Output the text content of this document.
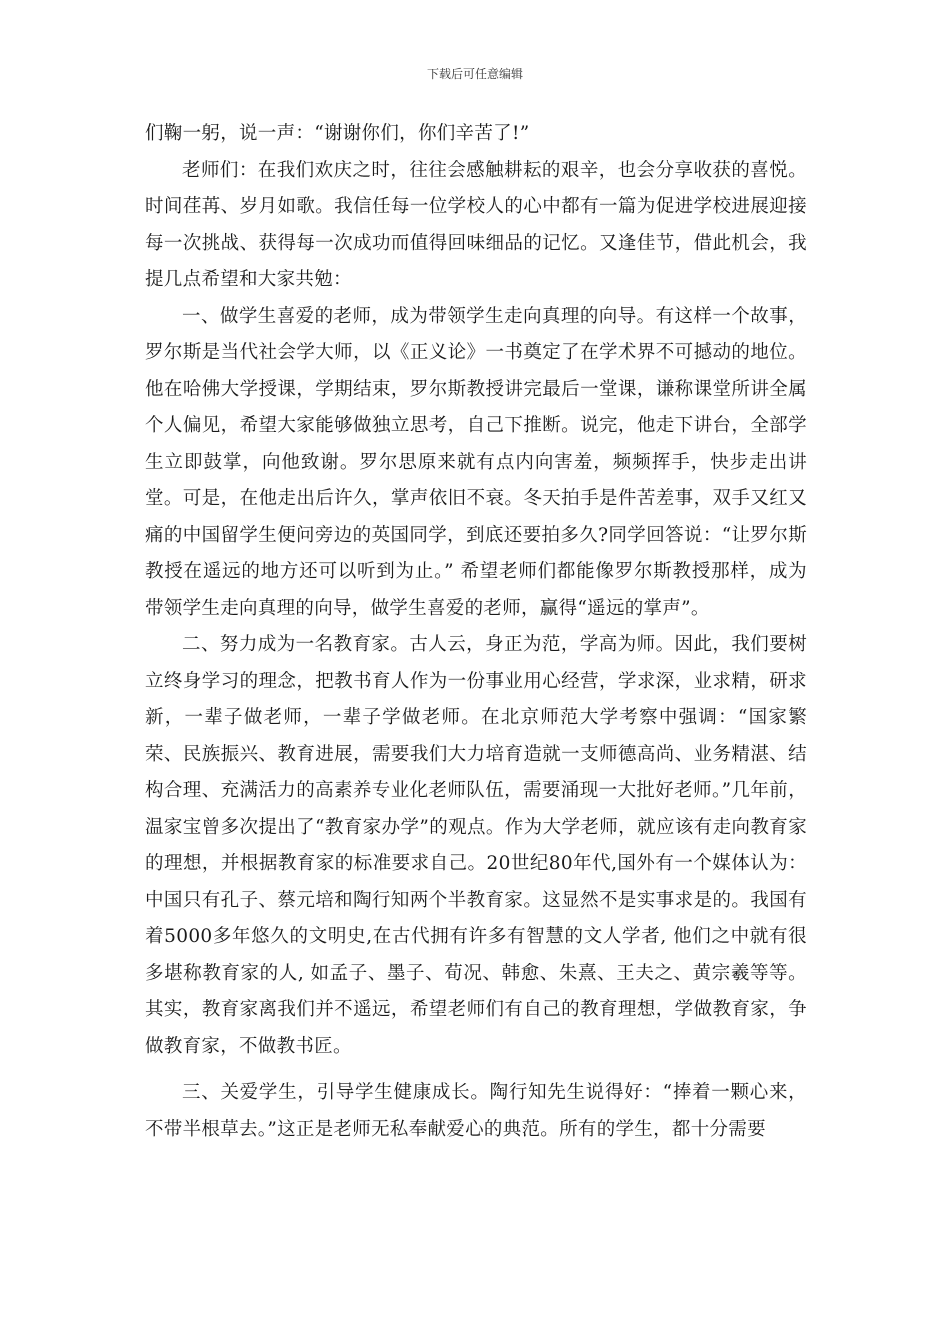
下载后可任意编辑

们鞠一躬，说一声：“谢谢你们，你们辛苦了!”

老师们：在我们欢庆之时，往往会感触耕耘的艰辛，也会分享收获的喜悦。时间荏苒、岁月如歌。我信任每一位学校人的心中都有一篇为促进学校进展迎接每一次挑战、获得每一次成功而值得回味细品的记忆。又逢佳节，借此机会，我提几点希望和大家共勉：

一、做学生喜爱的老师，成为带领学生走向真理的向导。有这样一个故事，罗尔斯是当代社会学大师，以《正义论》一书奠定了在学术界不可撼动的地位。他在哈佛大学授课，学期结束，罗尔斯教授讲完最后一堂课，谦称课堂所讲全属个人偏见，希望大家能够做独立思考，自己下推断。说完，他走下讲台，全部学生立即鼓掌，向他致谢。罗尔思原来就有点内向害羞，频频挥手，快步走出讲堂。可是，在他走出后许久，掌声依旧不衰。冬天拍手是件苦差事，双手又红又痛的中国留学生便问旁边的英国同学，到底还要拍多久?同学回答说：“让罗尔斯教授在遥远的地方还可以听到为止。” 希望老师们都能像罗尔斯教授那样，成为带领学生走向真理的向导，做学生喜爱的老师，赢得“遥远的掌声”。

二、努力成为一名教育家。古人云，身正为范，学高为师。因此，我们要树立终身学习的理念，把教书育人作为一份事业用心经营，学求深，业求精，研求新，一辈子做老师，一辈子学做老师。在北京师范大学考察中强调：“国家繁荣、民族振兴、教育进展，需要我们大力培育造就一支师德高尚、业务精湛、结构合理、充满活力的高素养专业化老师队伍，需要涌现一大批好老师。”几年前，温家宝曾多次提出了“教育家办学”的观点。作为大学老师，就应该有走向教育家的理想，并根据教育家的标准要求自己。20世纪80年代,国外有一个媒体认为：中国只有孔子、蔡元培和陶行知两个半教育家。这显然不是实事求是的。我国有着5000多年悠久的文明史,在古代拥有许多有智慧的文人学者, 他们之中就有很多堪称教育家的人, 如孟子、墨子、荀况、韩愈、朱熹、王夫之、黄宗羲等等。其实，教育家离我们并不遥远，希望老师们有自己的教育理想，学做教育家，争做教育家，不做教书匠。

三、关爱学生，引导学生健康成长。陶行知先生说得好：“捧着一颗心来，不带半根草去。”这正是老师无私奉献爱心的典范。所有的学生，都十分需要
